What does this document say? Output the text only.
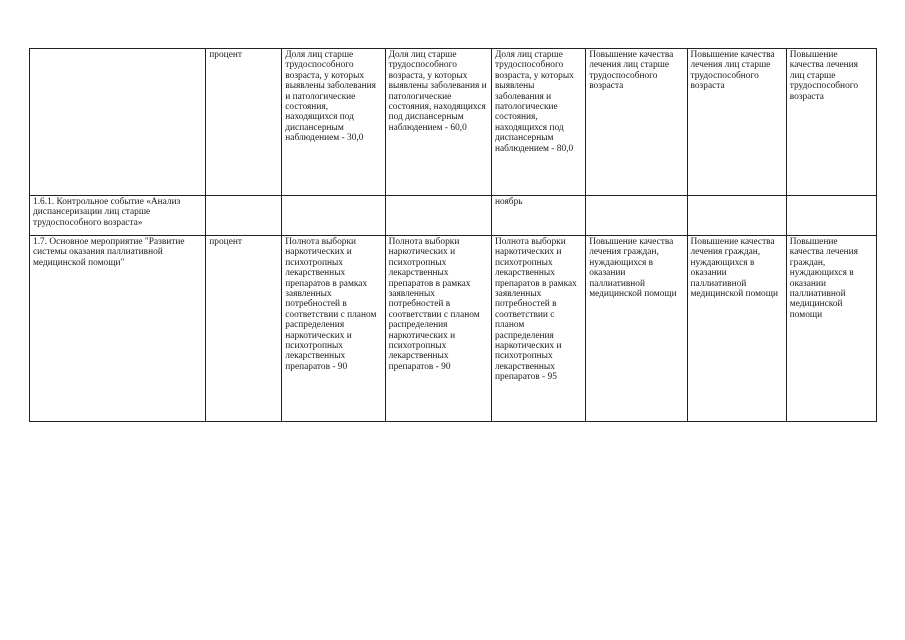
	процент	Доля лиц старше трудоспособного возраста, у которых выявлены заболевания и патологические состояния, находящихся под диспансерным наблюдением - 30,0	Доля лиц старше трудоспособного возраста, у которых выявлены заболевания и патологические состояния, находящихся под диспансерным наблюдением - 60,0	Доля лиц старше трудоспособного возраста, у которых выявлены заболевания и патологические состояния, находящихся под диспансерным наблюдением - 80,0	Повышение качества лечения лиц старше трудоспособного возраста	Повышение качества лечения лиц старше трудоспособного возраста	Повышение качества лечения лиц старше трудоспособного возраста

1.6.1. Контрольное событие «Анализ диспансеризации лиц старше трудоспособного возраста»				ноябрь			

1.7. Основное мероприятие "Развитие системы оказания паллиативной медицинской помощи"	процент	Полнота выборки наркотических и психотропных лекарственных препаратов в рамках заявленных потребностей в соответствии с планом распределения наркотических и психотропных лекарственных препаратов - 90	Полнота выборки наркотических и психотропных лекарственных препаратов в рамках заявленных потребностей в соответствии с планом распределения наркотических и психотропных лекарственных препаратов - 90	Полнота выборки наркотических и психотропных лекарственных препаратов в рамках заявленных потребностей в соответствии с планом распределения наркотических и психотропных лекарственных препаратов - 95	Повышение качества лечения граждан, нуждающихся в оказании паллиативной медицинской помощи	Повышение качества лечения граждан, нуждающихся в оказании паллиативной медицинской помощи	Повышение качества лечения граждан, нуждающихся в оказании паллиативной медицинской помощи
